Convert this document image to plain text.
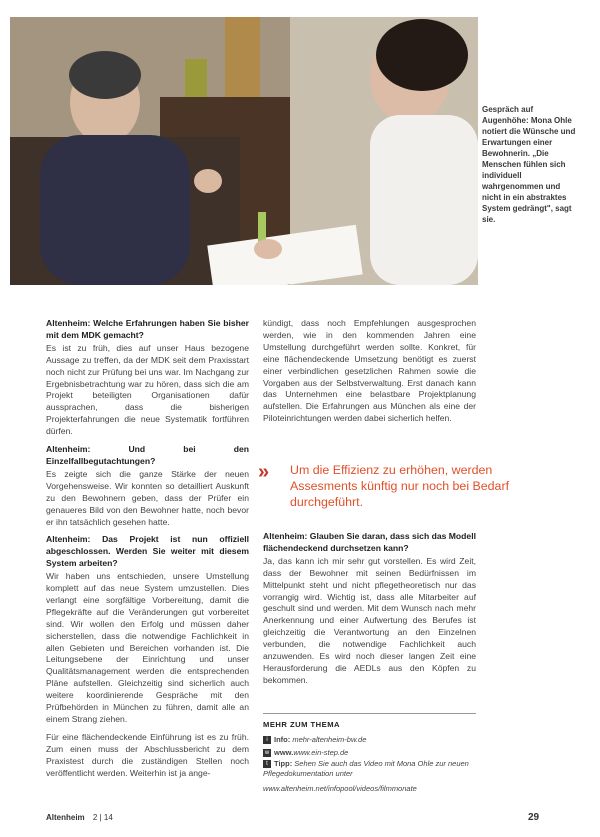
Gespräch auf Augenhöhe: Mona Ohle notiert die Wünsche und Erwartungen einer Bewohnerin. „Die Menschen fühlen sich individuell wahrgenommen und nicht in ein abstraktes System gedrängt", sagt sie.

Altenheim: Welche Erfahrungen haben Sie bisher mit dem MDK gemacht?

Es ist zu früh, dies auf unser Haus bezogene Aussage zu treffen, da der MDK seit dem Praxisstart noch nicht zur Prüfung bei uns war. Im Nachgang zur Ergebnisbetrachtung war zu hören, dass sich die am Projekt beteiligten Organisationen dafür aussprachen, dass die bisherigen Projekterfahrungen die neue Systematik fortführen dürfen.

Altenheim: Und bei den Einzelfallbegutachtungen?

Es zeigte sich die ganze Stärke der neuen Vorgehensweise. Wir konnten so detailliert Auskunft zu den Bewohnern geben, dass der Prüfer ein genaueres Bild von den Bewohner hatte, noch bevor er ihn tatsächlich gesehen hatte.

Altenheim: Das Projekt ist nun offiziell abgeschlossen. Werden Sie weiter mit diesem System arbeiten?

Wir haben uns entschieden, unsere Umstellung komplett auf das neue System umzustellen. Dies verlangt eine sorgfältige Vorbereitung, damit die Pflegekräfte auf die Veränderungen gut vorbereitet sind. Wir wollen den Erfolg und müssen daher sicherstellen, dass die notwendige Fachlichkeit in allen Gebieten und Bereichen vorhanden ist. Die Leitungsebene der Einrichtung und unser Qualitätsmanagement werden die entsprechenden Pläne aufstellen. Gleichzeitig sind sicherlich auch weitere koordinierende Gespräche mit den Prüfbehörden in München zu führen, damit alle an einem Strang ziehen.

Für eine flächendeckende Einführung ist es zu früh. Zum einen muss der Abschlussbericht zu dem Praxistest durch die zuständigen Stellen noch veröffentlicht werden. Weiterhin ist ja ange-

kündigt, dass noch Empfehlungen ausgesprochen werden, wie in den kommenden Jahren eine Umstellung durchgeführt werden sollte. Konkret, für eine flächendeckende Umsetzung benötigt es zuerst einer verbindlichen gesetzlichen Rahmen sowie die Vorgaben aus der Selbstverwaltung. Erst danach kann das Unternehmen eine belastbare Projektplanung aufstellen. Die Erfahrungen aus München als eine der Piloteinrichtungen werden dabei sicherlich helfen.

» Um die Effizienz zu erhöhen, werden Assesments künftig nur noch bei Bedarf durchgeführt.

Altenheim: Glauben Sie daran, dass sich das Modell flächendeckend durchsetzen kann?

Ja, das kann ich mir sehr gut vorstellen. Es wird Zeit, dass der Bewohner mit seinen Bedürfnissen im Mittelpunkt steht und nicht pflegetheoretisch nur das vorrangig wird. Wichtig ist, dass alle Mitarbeiter auf geschult sind und werden. Mit dem Wunsch nach mehr Anerkennung und einer Aufwertung des Berufes ist gleichzeitig die Verantwortung an den Einzelnen verbunden, die notwendige Fachlichkeit auch anzuwenden. Es wird noch dieser langen Zeit eine Herausforderung die AEDLs aus den Köpfen zu bekommen.

MEHR ZUM THEMA
i Info: mehr-altenheim-bw.de
w www.www.ein-step.de
t Tipp: Sehen Sie auch das Video mit Mona Ohle zur neuen Pflegedokumentation unter
www.altenheim.net/infopool/videos/filmmonate
Altenheim 2 | 14	29
